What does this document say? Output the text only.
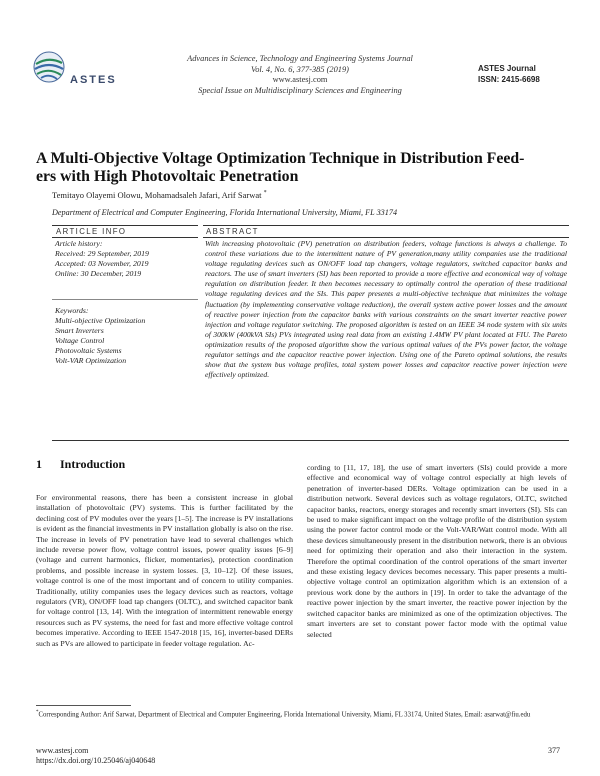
ASTES
Advances in Science, Technology and Engineering Systems Journal
Vol. 4, No. 6, 377-385 (2019)
www.astesj.com
Special Issue on Multidisciplinary Sciences and Engineering
ASTES Journal
ISSN: 2415-6698
A Multi-Objective Voltage Optimization Technique in Distribution Feed-
ers with High Photovoltaic Penetration
Temitayo Olayemi Olowu, Mohamadsaleh Jafari, Arif Sarwat *
Department of Electrical and Computer Engineering, Florida International University, Miami, FL 33174
ARTICLE INFO	ABSTRACT
Article history:
Received: 29 September, 2019
Accepted: 03 November, 2019
Online: 30 December, 2019
Keywords:
Multi-objective Optimization
Smart Inverters
Voltage Control
Photovoltaic Systems
Volt-VAR Optimization
With increasing photovoltaic (PV) penetration on distribution feeders, voltage functions is always a challenge. To control these variations due to the intermittent nature of PV generation,many utility companies use the traditional voltage regulating devices such as ON/OFF load tap changers, voltage regulators, switched capacitor banks and reactors. The use of smart inverters (SI) has been reported to provide a more effective and economical way of voltage regulation on distribution feeder. It then becomes necessary to optimally control the operation of these traditional voltage regulating devices and the SIs. This paper presents a multi-objective technique that minimizes the voltage fluctuation (by implementing conservative voltage reduction), the overall system active power losses and the amount of reactive power injection from the capacitor banks with various constraints on the smart inverter reactive power injection and voltage regulator switching. The proposed algorithm is tested on an IEEE 34 node system with six units of 300kW (400kVA SIs) PVs integrated using real data from an existing 1.4MW PV plant located at FIU. The Pareto optimization results of the proposed algorithm show the various optimal values of the PVs power factor, the voltage regulator settings and the capacitor reactive power injection. Using one of the Pareto optimal solutions, the results show that the system bus voltage profiles, total system power losses and capacitor reactive power injection were effectively optimized.
1 Introduction
For environmental reasons, there has been a consistent increase in global installation of photovoltaic (PV) systems. This is further facilitated by the declining cost of PV modules over the years [1–5]. The increase is PV installations is evident as the financial investments in PV installation globally is also on the rise. The increase in levels of PV penetration have lead to several challenges which include reverse power flow, voltage control issues, power quality issues [6–9] (voltage and current harmonics, flicker, momentaries), protection coordination problems, and possible increase in system losses. [3, 10–12]. Of these issues, voltage control is one of the most important and of concern to utility companies. Traditionally, utility companies uses the legacy devices such as reactors, voltage regulators (VR), ON/OFF load tap changers (OLTC), and switched capacitor bank for voltage control [13, 14]. With the integration of intermittent renewable energy resources such as PV systems, the need for fast and more effective voltage control becomes imperative. According to IEEE 1547-2018 [15, 16], inverter-based DERs such as PVs are allowed to participate in feeder voltage regulation. Ac-
cording to [11, 17, 18], the use of smart inverters (SIs) could provide a more effective and economical way of voltage control especially at high levels of penetration of inverter-based DERs. Voltage optimization can be used in a distribution network. Several devices such as voltage regulators, OLTC, switched capacitor banks, reactors, energy storages and recently smart inverters (SI). SIs can be used to make significant impact on the voltage profile of the distribution system using the power factor control mode or the Volt-VAR/Watt control mode. With all these devices simultaneously present in the distribution network, there is an obvious need for optimizing their operation and also their interaction in the system. Therefore the optimal coordination of the control operations of the smart inverter and these existing legacy devices becomes necessary. This paper presents a multi-objective voltage control an optimization algorithm which is an extension of a previous work done by the authors in [19]. In order to take the advantage of the reactive power injection by the smart inverter, the reactive power injection by the switched capacitor banks are minimized as one of the optimization objectives. The smart inverters are set to constant power factor mode with the optimal value selected
*Corresponding Author: Arif Sarwat, Department of Electrical and Computer Engineering, Florida International University, Miami, FL 33174, United States, Email: asarwat@fiu.edu
www.astesj.com
https://dx.doi.org/10.25046/aj040648
377
